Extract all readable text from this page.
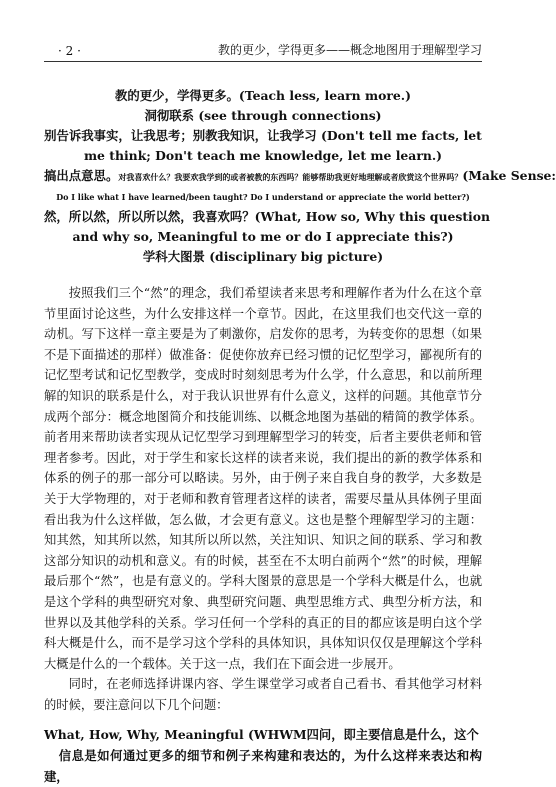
· 2 ·	教的更少，学得更多——概念地图用于理解型学习
教的更少，学得更多。(Teach less, learn more.)
洞彻联系 (see through connections)
别告诉我事实，让我思考；别教我知识，让我学习 (Don't tell me facts, let
me think; Don't teach me knowledge, let me learn.)
搞出点意思。对我喜欢什么？我要欢我学到的或者被教的东西吗？能够帮助我更好地理解或者欣赏这个世界吗？(Make Sense:
Do I like what I have learned/been taught? Do I understand or appreciate the world better?)
然，所以然，所以所以然，我喜欢吗？(What, How so, Why this question
and why so, Meaningful to me or do I appreciate this?)
学科大图景 (disciplinary big picture)

按照我们三个“然”的理念，我们希望读者来思考和理解作者为什么在这个章节里面讨论这些，为什么安排这样一个章节。因此，在这里我们也交代这一章的动机。写下这样一章主要是为了刺激你，启发你的思考，为转变你的思想（如果不是下面描述的那样）做准备：促使你放弃已经习惯的记忆型学习，鄙视所有的记忆型考试和记忆型教学，变成时时刻刻思考为什么学，什么意思，和以前所理解的知识的联系是什么，对于我认识世界有什么意义，这样的问题。其他章节分成两个部分：概念地图简介和技能训练、以概念地图为基础的精简的教学体系。前者用来帮助读者实现从记忆型学习到理解型学习的转变，后者主要供老师和管理者参考。因此，对于学生和家长这样的读者来说，我们提出的新的教学体系和体系的例子的那一部分可以略读。另外，由于例子来自我自身的教学，大多数是关于大学物理的，对于老师和教育管理者这样的读者，需要尽量从具体例子里面看出我为什么这样做，怎么做，才会更有意义。这也是整个理解型学习的主题：知其然，知其所以然，知其所以所以然，关注知识、知识之间的联系、学习和教这部分知识的动机和意义。有的时候，甚至在不太明白前两个“然”的时候，理解最后那个“然”，也是有意义的。学科大图景的意思是一个学科大概是什么，也就是这个学科的典型研究对象、典型研究问题、典型思维方式、典型分析方法，和世界以及其他学科的关系。学习任何一个学科的真正的目的都应该是明白这个学科大概是什么，而不是学习这个学科的具体知识，具体知识仅仅是理解这个学科大概是什么的一个载体。关于这一点，我们在下面会进一步展开。

同时，在老师选择讲课内容、学生课堂学习或者自己看书、看其他学习材料的时候，要注意问以下几个问题：

What, How, Why, Meaningful (WHWM四问，即主要信息是什么，这个
信息是如何通过更多的细节和例子来构建和表达的，为什么这样来表达和构建，
